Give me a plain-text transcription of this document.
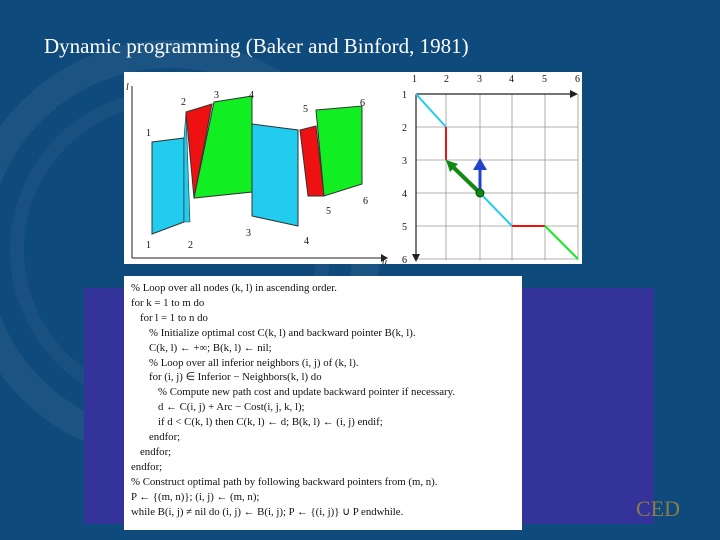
Dynamic programming (Baker and Binford, 1981)
l
u
2
3	4
5
6
1
1	2
3
4
6
5
1	2	3	4	5	6
1
2
3
4
5
6
% Loop over all nodes (k, l) in ascending order.
for k = 1 to m do
for l = 1 to n do
% Initialize optimal cost C(k, l) and backward pointer B(k, l).
C(k, l) ← +∞; B(k, l) ← nil;
% Loop over all inferior neighbors (i, j) of (k, l).
for (i, j) ∈ Inferior − Neighbors(k, l) do
% Compute new path cost and update backward pointer if necessary.
d ← C(i, j) + Arc − Cost(i, j, k, l);
if d < C(k, l) then C(k, l) ← d; B(k, l) ← (i, j) endif;
endfor;
endfor;
endfor;
% Construct optimal path by following backward pointers from (m, n).
P ← {(m, n)}; (i, j) ← (m, n);
while B(i, j) ≠ nil do (i, j) ← B(i, j); P ← {(i, j)} ∪ P endwhile.	CED
